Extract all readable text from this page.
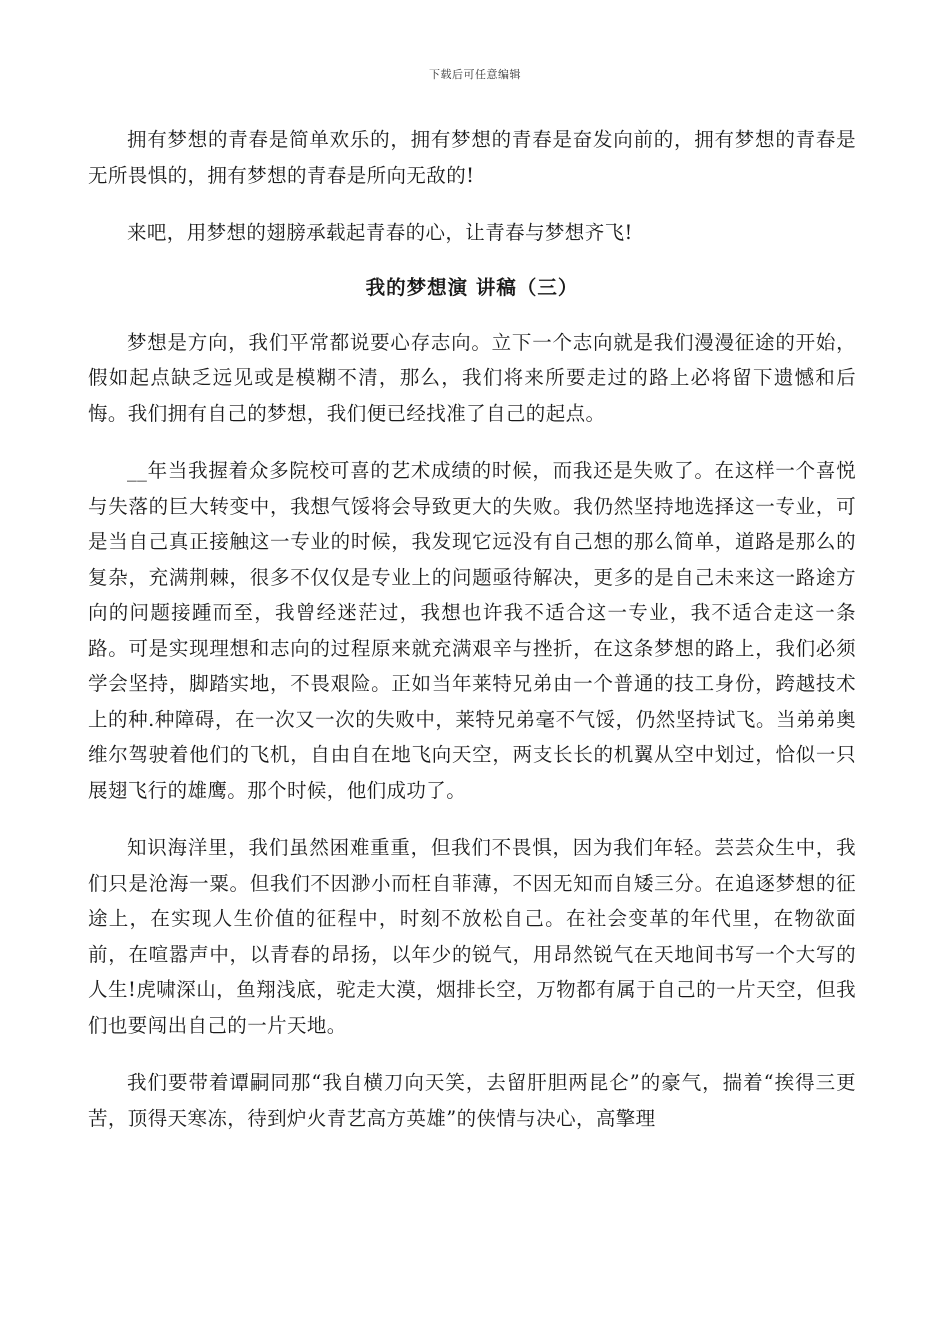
下载后可任意编辑

拥有梦想的青春是简单欢乐的，拥有梦想的青春是奋发向前的，拥有梦想的青春是无所畏惧的，拥有梦想的青春是所向无敌的!

来吧，用梦想的翅膀承载起青春的心，让青春与梦想齐飞!

我的梦想演 讲稿（三）

梦想是方向，我们平常都说要心存志向。立下一个志向就是我们漫漫征途的开始，假如起点缺乏远见或是模糊不清，那么，我们将来所要走过的路上必将留下遗憾和后悔。我们拥有自己的梦想，我们便已经找准了自己的起点。

__年当我握着众多院校可喜的艺术成绩的时候，而我还是失败了。在这样一个喜悦与失落的巨大转变中，我想气馁将会导致更大的失败。我仍然坚持地选择这一专业，可是当自己真正接触这一专业的时候，我发现它远没有自己想的那么简单，道路是那么的复杂，充满荆棘，很多不仅仅是专业上的问题亟待解决，更多的是自己未来这一路途方向的问题接踵而至，我曾经迷茫过，我想也许我不适合这一专业，我不适合走这一条路。可是实现理想和志向的过程原来就充满艰辛与挫折，在这条梦想的路上，我们必须学会坚持，脚踏实地，不畏艰险。正如当年莱特兄弟由一个普通的技工身份，跨越技术上的种.种障碍，在一次又一次的失败中，莱特兄弟毫不气馁，仍然坚持试飞。当弟弟奥维尔驾驶着他们的飞机，自由自在地飞向天空，两支长长的机翼从空中划过，恰似一只展翅飞行的雄鹰。那个时候，他们成功了。

知识海洋里，我们虽然困难重重，但我们不畏惧，因为我们年轻。芸芸众生中，我们只是沧海一粟。但我们不因渺小而枉自菲薄，不因无知而自矮三分。在追逐梦想的征途上，在实现人生价值的征程中，时刻不放松自己。在社会变革的年代里，在物欲面前，在喧嚣声中，以青春的昂扬，以年少的锐气，用昂然锐气在天地间书写一个大写的人生!虎啸深山，鱼翔浅底，驼走大漠，烟排长空，万物都有属于自己的一片天空，但我们也要闯出自己的一片天地。

我们要带着谭嗣同那“我自横刀向天笑，去留肝胆两昆仑”的豪气，揣着“挨得三更苦，顶得天寒冻，待到炉火青艺高方英雄”的侠情与决心，高擎理
